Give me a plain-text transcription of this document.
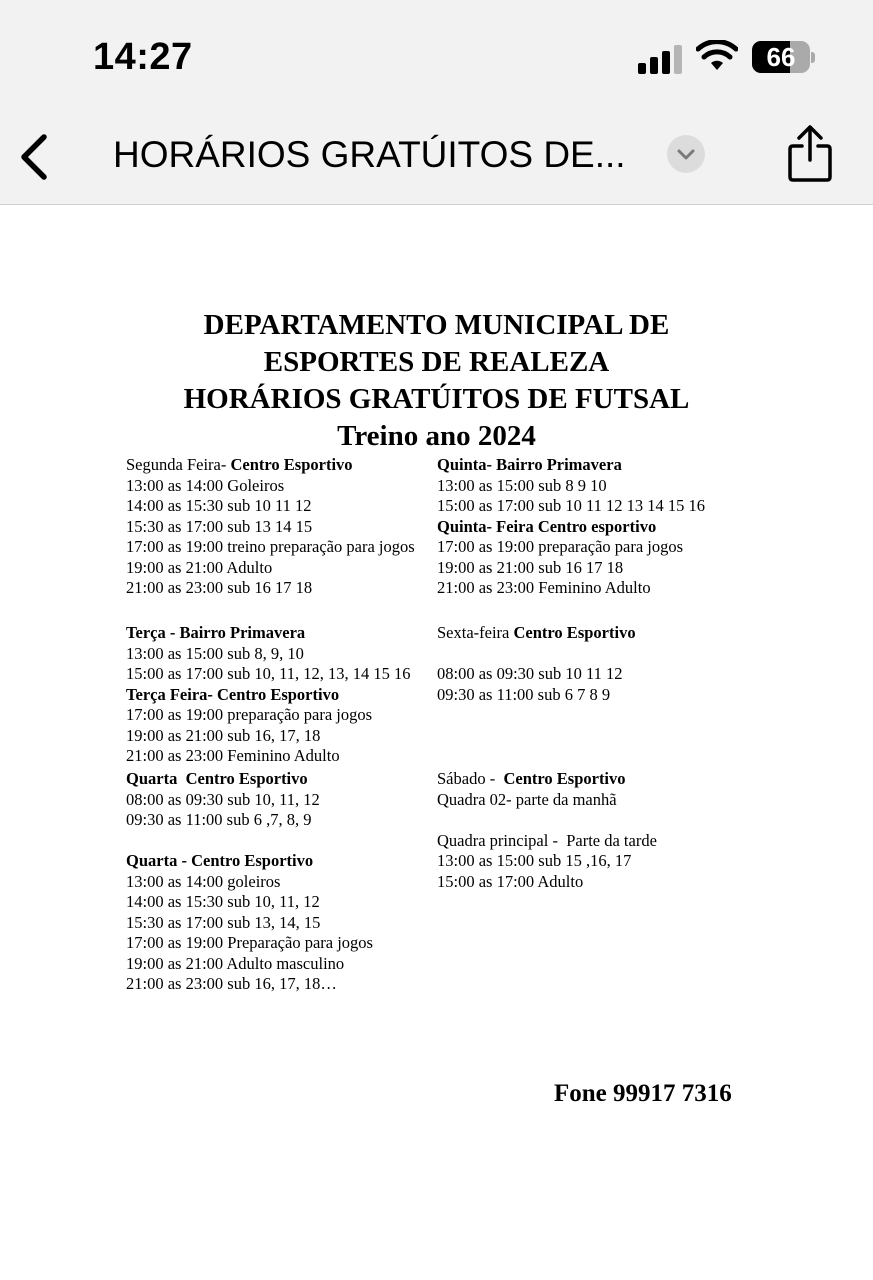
14:27	66
HORÁRIOS GRATÚITOS DE...
DEPARTAMENTO MUNICIPAL DE
ESPORTES DE REALEZA
HORÁRIOS GRATÚITOS DE FUTSAL
Treino ano 2024
Segunda Feira- Centro Esportivo
13:00 as 14:00 Goleiros
14:00 as 15:30 sub 10 11 12
15:30 as 17:00 sub 13 14 15
17:00 as 19:00 treino preparação para jogos
19:00 as 21:00 Adulto
21:00 as 23:00 sub 16 17 18
Terça - Bairro Primavera
13:00 as 15:00 sub 8, 9, 10
15:00 as 17:00 sub 10, 11, 12, 13, 14 15 16
Terça Feira- Centro Esportivo
17:00 as 19:00 preparação para jogos
19:00 as 21:00 sub 16, 17, 18
21:00 as 23:00 Feminino Adulto
Quarta  Centro Esportivo
08:00 as 09:30 sub 10, 11, 12
09:30 as 11:00 sub 6 ,7, 8, 9
Quarta - Centro Esportivo
13:00 as 14:00 goleiros
14:00 as 15:30 sub 10, 11, 12
15:30 as 17:00 sub 13, 14, 15
17:00 as 19:00 Preparação para jogos
19:00 as 21:00 Adulto masculino
21:00 as 23:00 sub 16, 17, 18…
Quinta- Bairro Primavera
13:00 as 15:00 sub 8 9 10
15:00 as 17:00 sub 10 11 12 13 14 15 16
Quinta- Feira Centro esportivo
17:00 as 19:00 preparação para jogos
19:00 as 21:00 sub 16 17 18
21:00 as 23:00 Feminino Adulto
Sexta-feira Centro Esportivo
08:00 as 09:30 sub 10 11 12
09:30 as 11:00 sub 6 7 8 9
Sábado -  Centro Esportivo
Quadra 02- parte da manhã
Quadra principal -  Parte da tarde
13:00 as 15:00 sub 15 ,16, 17
15:00 as 17:00 Adulto
Fone 99917 7316
